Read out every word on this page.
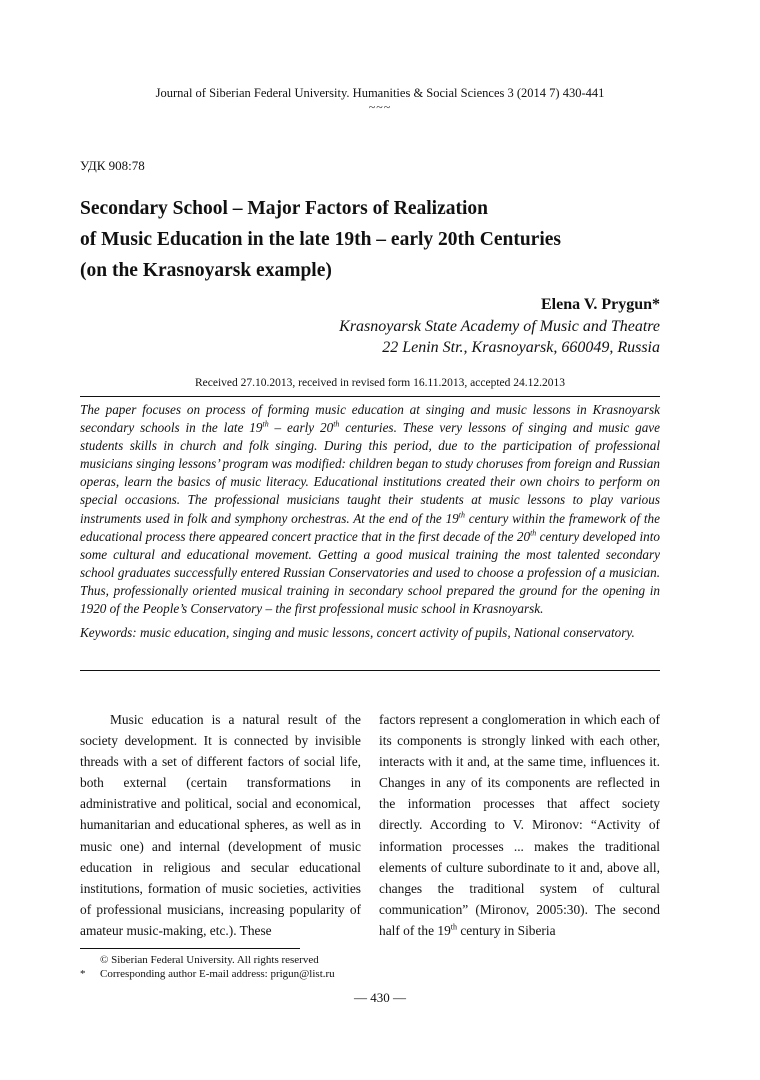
Journal of Siberian Federal University. Humanities & Social Sciences 3 (2014 7) 430-441
~~~
УДК 908:78
Secondary School – Major Factors of Realization
of Music Education in the late 19th – early 20th Centuries
(on the Krasnoyarsk example)
Elena V. Prygun*
Krasnoyarsk State Academy of Music and Theatre
22 Lenin Str., Krasnoyarsk, 660049, Russia
Received 27.10.2013, received in revised form 16.11.2013, accepted 24.12.2013

The paper focuses on process of forming music education at singing and music lessons in Krasnoyarsk secondary schools in the late 19th – early 20th centuries. These very lessons of singing and music gave students skills in church and folk singing. During this period, due to the participation of professional musicians singing lessons’ program was modified: children began to study choruses from foreign and Russian operas, learn the basics of music literacy. Educational institutions created their own choirs to perform on special occasions. The professional musicians taught their students at music lessons to play various instruments used in folk and symphony orchestras. At the end of the 19th century within the framework of the educational process there appeared concert practice that in the first decade of the 20th century developed into some cultural and educational movement. Getting a good musical training the most talented secondary school graduates successfully entered Russian Conservatories and used to choose a profession of a musician. Thus, professionally oriented musical training in secondary school prepared the ground for the opening in 1920 of the People’s Conservatory – the first professional music school in Krasnoyarsk.

Keywords: music education, singing and music lessons, concert activity of pupils, National conservatory.

Music education is a natural result of the society development. It is connected by invisible threads with a set of different factors of social life, both external (certain transformations in administrative and political, social and economical, humanitarian and educational spheres, as well as in music one) and internal (development of music education in religious and secular educational institutions, formation of music societies, activities of professional musicians, increasing popularity of amateur music-making, etc.). These

factors represent a conglomeration in which each of its components is strongly linked with each other, interacts with it and, at the same time, influences it. Changes in any of its components are reflected in the information processes that affect society directly. According to V. Mironov: “Activity of information processes ... makes the traditional elements of culture subordinate to it and, above all, changes the traditional system of cultural communication” (Mironov, 2005:30). The second half of the 19th century in Siberia

© Siberian Federal University. All rights reserved
* Corresponding author E-mail address: prigun@list.ru
— 430 —
